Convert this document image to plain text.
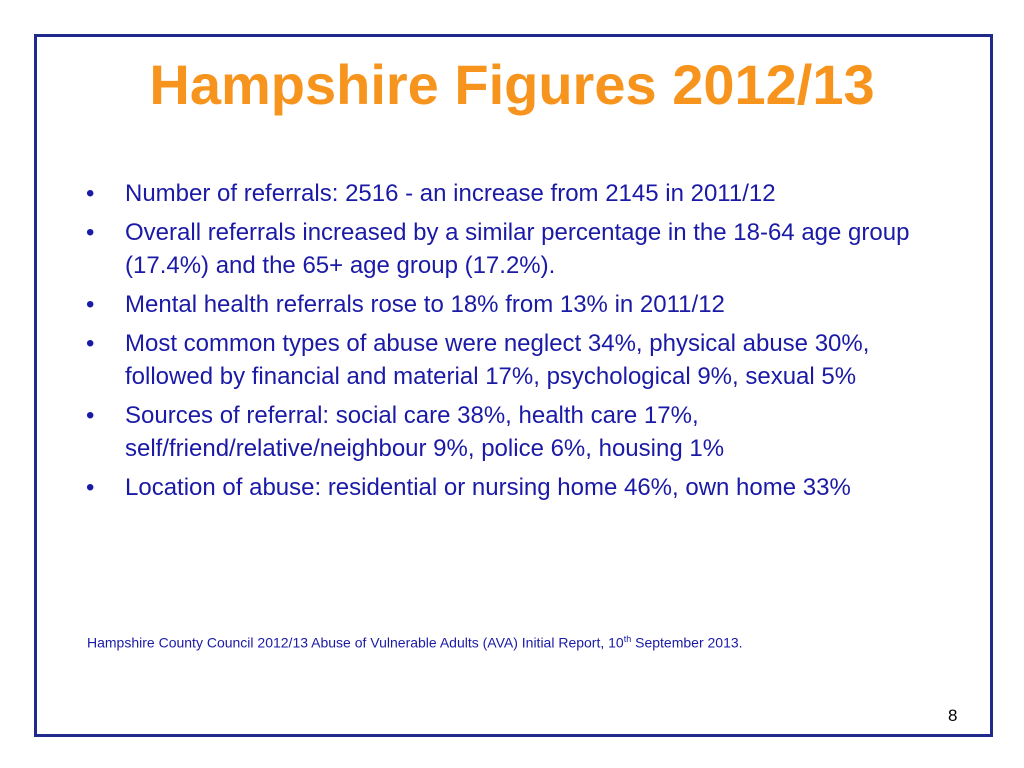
Hampshire Figures 2012/13
• Number of referrals: 2516 - an increase from 2145 in 2011/12
• Overall referrals increased by a similar percentage in the 18-64 age group (17.4%) and the 65+ age group (17.2%).
• Mental health referrals rose to 18% from 13% in 2011/12
• Most common types of abuse were neglect 34%, physical abuse 30%, followed by financial and material 17%, psychological 9%, sexual 5%
• Sources of referral: social care 38%, health care 17%, self/friend/relative/neighbour 9%, police 6%, housing 1%
• Location of abuse: residential or nursing home 46%, own home 33%

Hampshire County Council 2012/13 Abuse of Vulnerable Adults (AVA) Initial Report, 10th September 2013.

8
